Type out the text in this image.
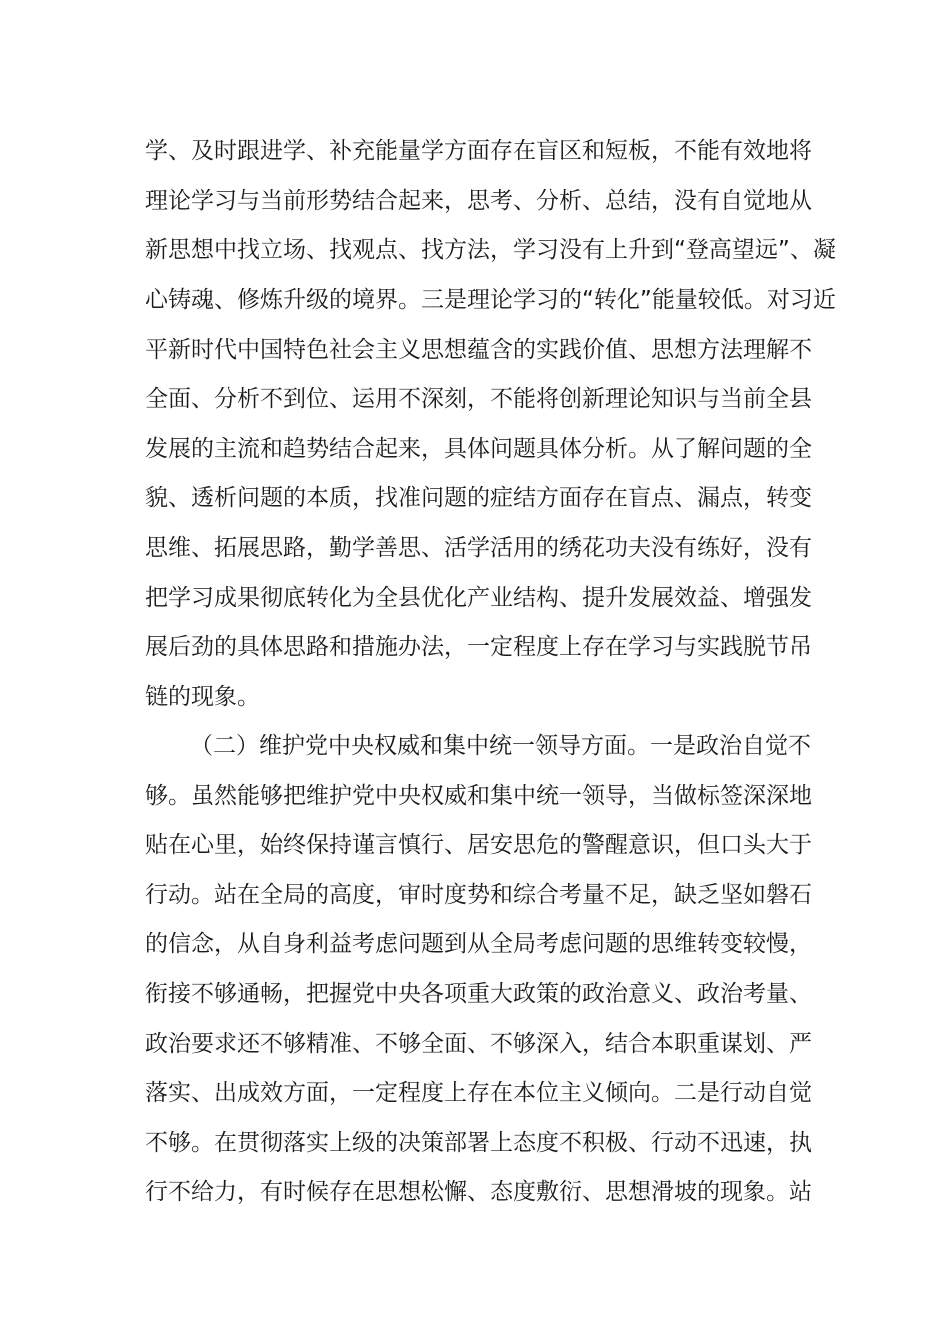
学、及时跟进学、补充能量学方面存在盲区和短板，不能有效地将
理论学习与当前形势结合起来，思考、分析、总结，没有自觉地从
新思想中找立场、找观点、找方法，学习没有上升到“登高望远”、凝
心铸魂、修炼升级的境界。三是理论学习的“转化”能量较低。对习近
平新时代中国特色社会主义思想蕴含的实践价值、思想方法理解不
全面、分析不到位、运用不深刻，不能将创新理论知识与当前全县
发展的主流和趋势结合起来，具体问题具体分析。从了解问题的全
貌、透析问题的本质，找准问题的症结方面存在盲点、漏点，转变
思维、拓展思路，勤学善思、活学活用的绣花功夫没有练好，没有
把学习成果彻底转化为全县优化产业结构、提升发展效益、增强发
展后劲的具体思路和措施办法，一定程度上存在学习与实践脱节吊
链的现象。
（二）维护党中央权威和集中统一领导方面。一是政治自觉不
够。虽然能够把维护党中央权威和集中统一领导，当做标签深深地
贴在心里，始终保持谨言慎行、居安思危的警醒意识，但口头大于
行动。站在全局的高度，审时度势和综合考量不足，缺乏坚如磐石
的信念，从自身利益考虑问题到从全局考虑问题的思维转变较慢，
衔接不够通畅，把握党中央各项重大政策的政治意义、政治考量、
政治要求还不够精准、不够全面、不够深入，结合本职重谋划、严
落实、出成效方面，一定程度上存在本位主义倾向。二是行动自觉
不够。在贯彻落实上级的决策部署上态度不积极、行动不迅速，执
行不给力，有时候存在思想松懈、态度敷衍、思想滑坡的现象。站
